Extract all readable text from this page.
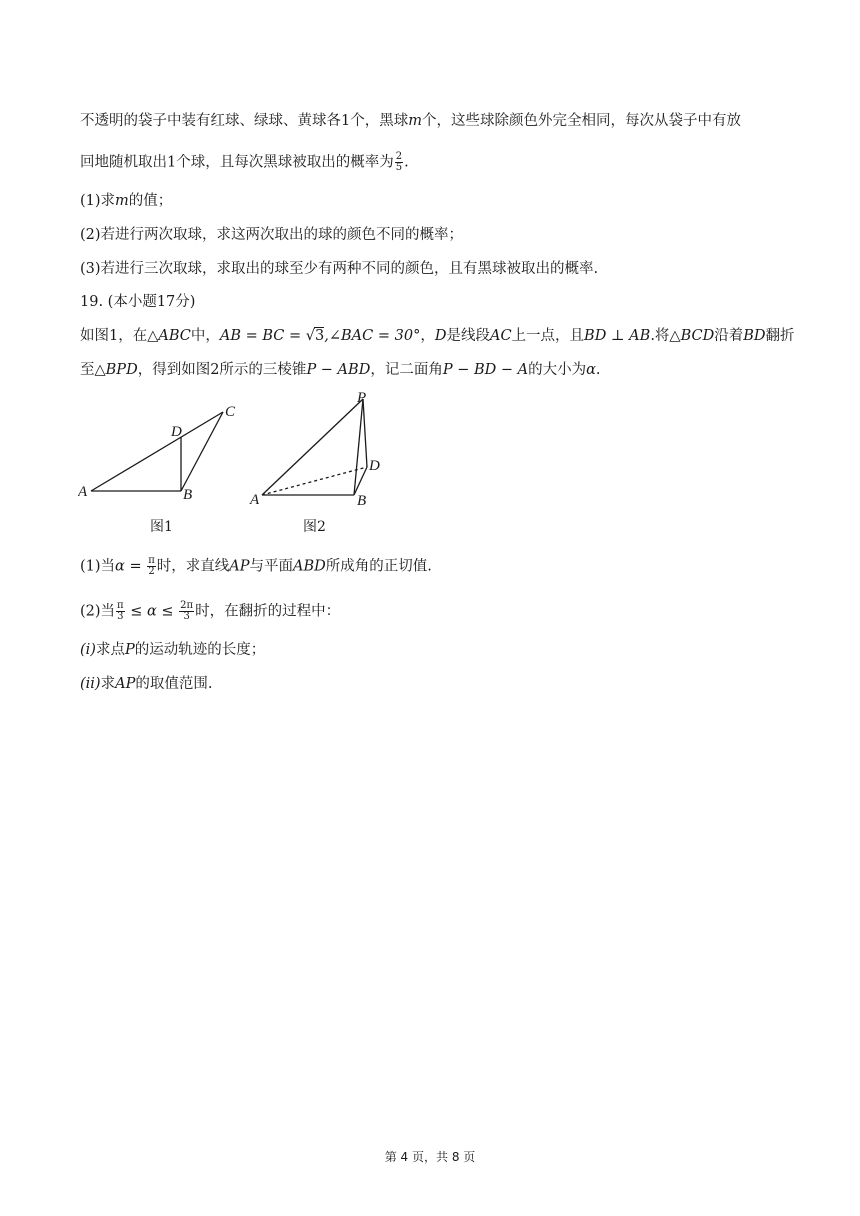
不透明的袋子中装有红球、绿球、黄球各1个，黑球m个，这些球除颜色外完全相同，每次从袋子中有放
回地随机取出1个球，且每次黑球被取出的概率为 $\frac{2}{5}$ .
(1)求m的值；
(2)若进行两次取球，求这两次取出的球的颜色不同的概率；
(3)若进行三次取球，求取出的球至少有两种不同的颜色，且有黑球被取出的概率.
19. (本小题17分)
如图1，在△ABC中，AB = BC = √3,∠BAC = 30°，D是线段AC上一点，且BD ⊥ AB.将△BCD沿着BD翻折
至△BPD，得到如图2所示的三棱锥P − ABD，记二面角P − BD − A的大小为α.
A	B
C
D
图1
A	B
D
P
图2
(1)当$\alpha = \frac{\pi}{2}$ 时，求直线AP与平面ABD所成角的正切值.
(2)当 $\frac{\pi}{3} \le \alpha \le \frac{2\pi}{3}$ 时，在翻折的过程中：
(i)求点P的运动轨迹的长度；
(ii)求AP的取值范围.
第 4 页，共 8 页
